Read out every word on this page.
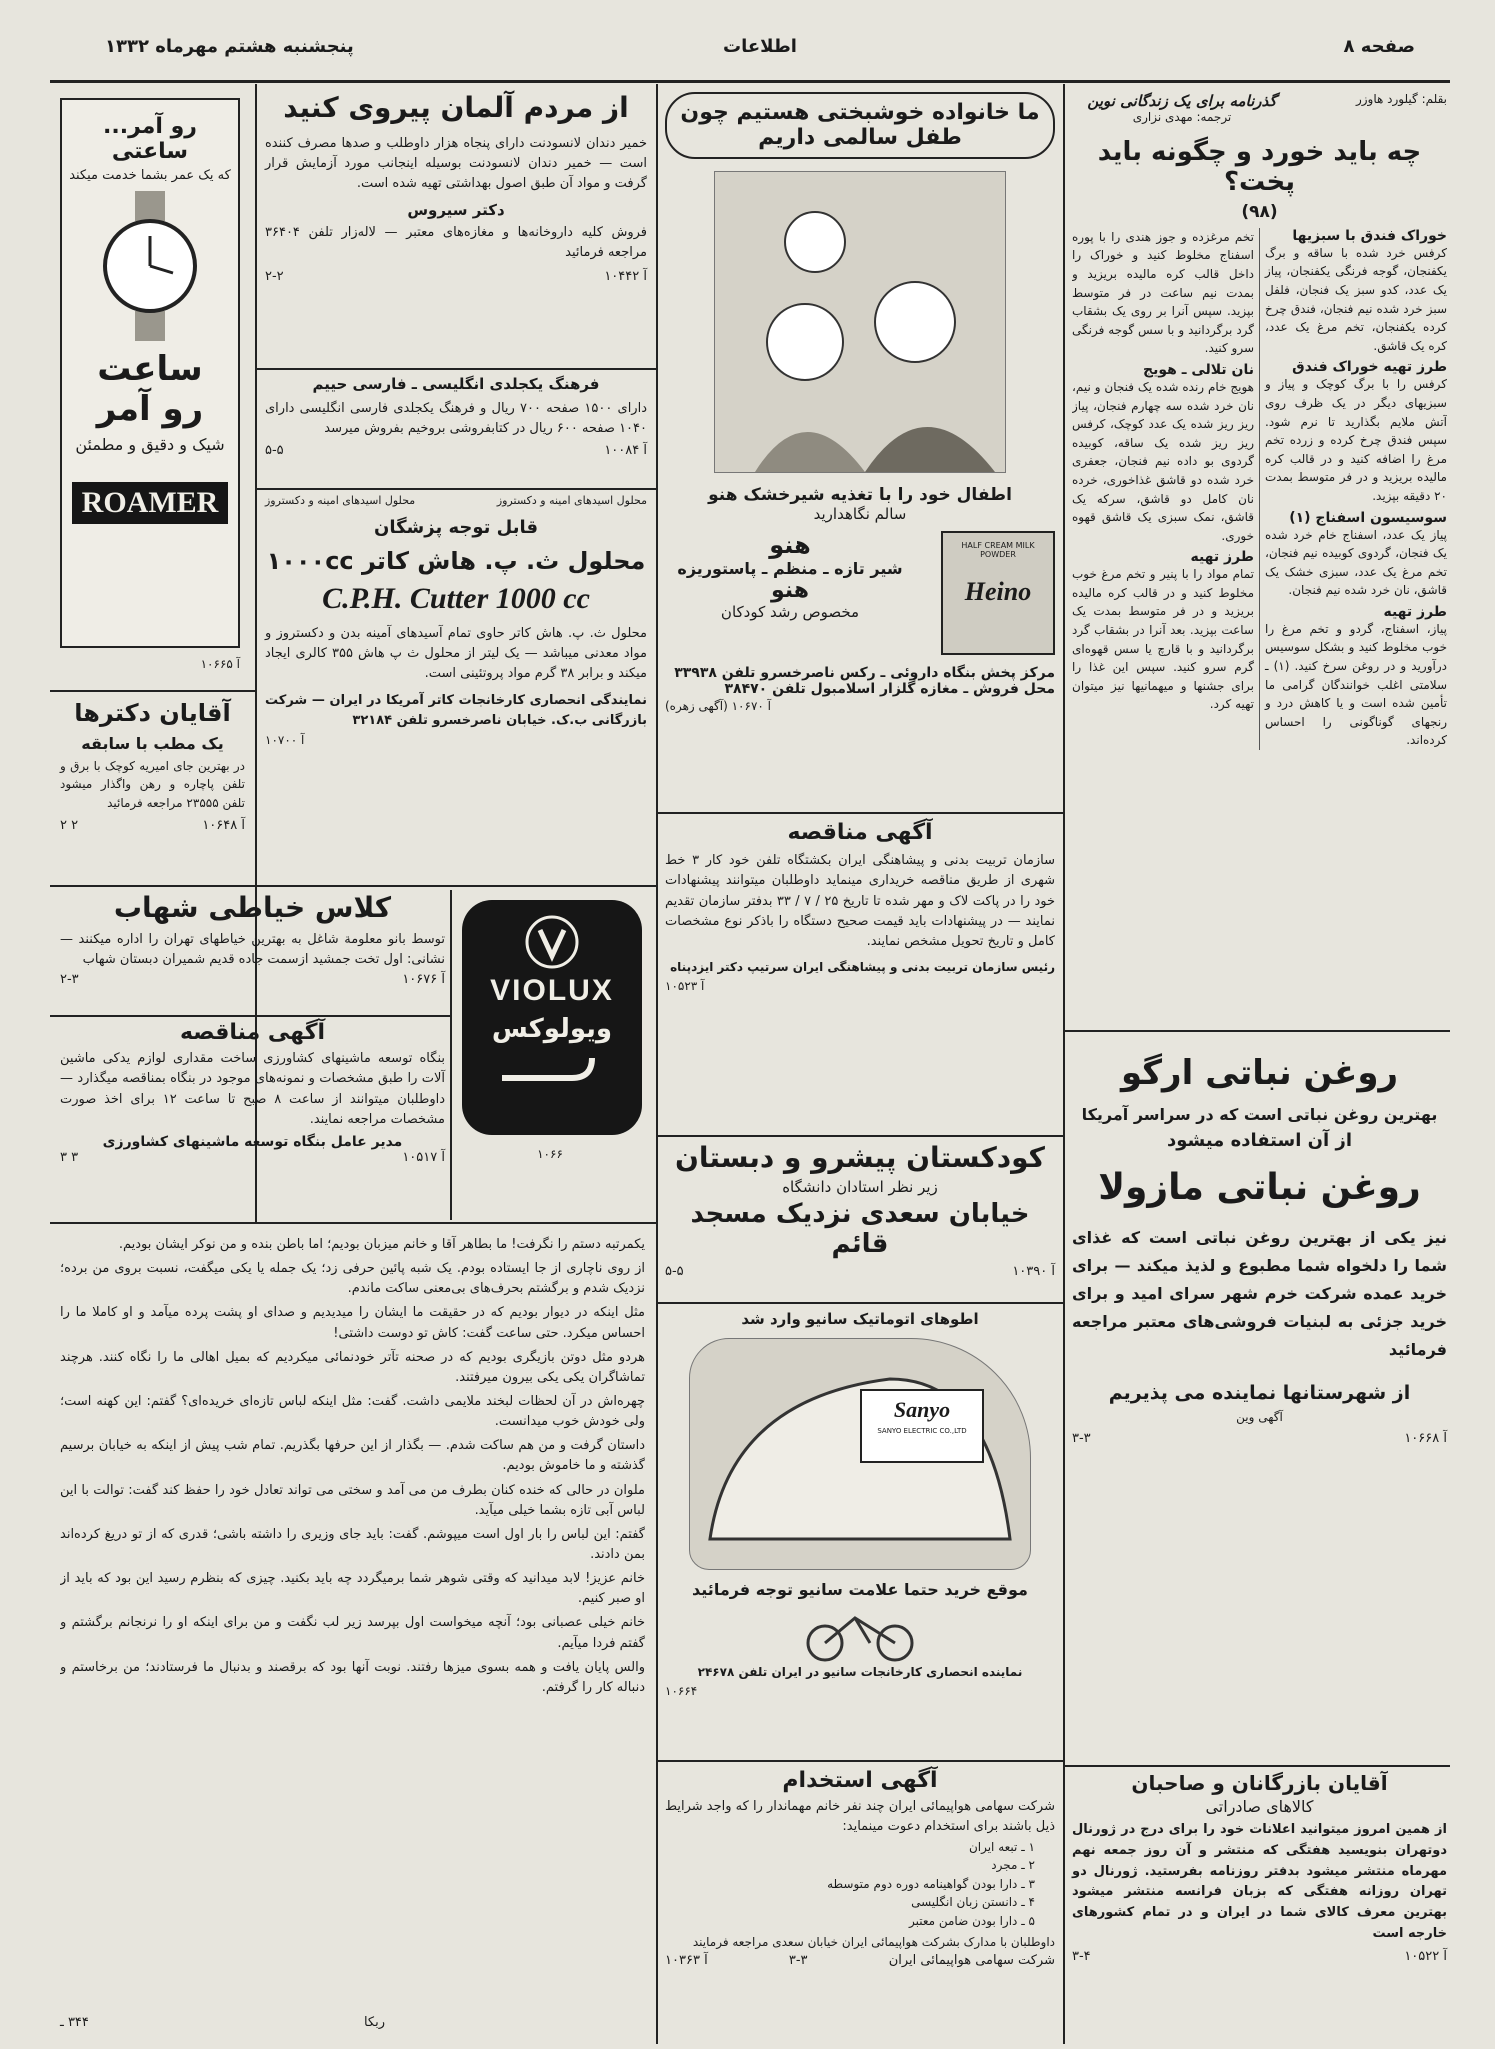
صفحه ۸
اطلاعات
پنجشنبه هشتم مهرماه ۱۳۳۲
رو آمر... ساعتی
که یک عمر بشما خدمت میکند
ساعت
رو آمر
شیک و دقیق و مطمئن
ROAMER
آ ۱۰۶۶۵
آقایان دکترها
یک مطب با سابقه
در بهترین جای امیریه کوچک با برق و تلفن پاچاره و رهن واگذار میشود تلفن ۲۳۵۵۵ مراجعه فرمائید
آ ۱۰۶۴۸
۲ ۲
از مردم آلمان پیروی کنید
خمیر دندان لانسودنت دارای پنجاه هزار داوطلب و صدها مصرف کننده است — خمیر دندان لانسودنت بوسیله اینجانب مورد آزمایش قرار گرفت و مواد آن طبق اصول بهداشتی تهیه شده است.
دکتر سیروس
فروش کلیه داروخانه‌ها و مغازه‌های معتبر — لاله‌زار تلفن ۳۶۴۰۴ مراجعه فرمائید
آ ۱۰۴۴۲
۲-۲
فرهنگ یکجلدی انگلیسی ـ فارسی حییم
دارای ۱۵۰۰ صفحه ۷۰۰ ریال و فرهنگ یکجلدی فارسی انگلیسی دارای ۱۰۴۰ صفحه ۶۰۰ ریال در کتابفروشی بروخیم بفروش میرسد
آ ۱۰۰۸۴
۵-۵
محلول اسیدهای امینه و دکستروز
محلول اسیدهای امینه و دکستروز
قابل توجه پزشگان
محلول ث. پ. هاش کاتر ۱۰۰۰cc
C.P.H. Cutter 1000 cc
محلول ث. پ. هاش کاتر حاوی تمام آسیدهای آمینه بدن و دکستروز و مواد معدنی میباشد — یک لیتر از محلول ث پ هاش ۳۵۵ کالری ایجاد میکند و برابر ۳۸ گرم مواد پروتئینی است.
نمایندگی انحصاری کارخانجات کاتر آمریکا در ایران — شرکت بازرگانی ب.ک. خیابان ناصرخسرو تلفن ۳۲۱۸۴
آ ۱۰۷۰۰
کلاس خیاطی شهاب
توسط بانو معلومة شاغل به بهترین خیاطهای تهران را اداره میکنند — نشانی: اول تخت جمشید ازسمت جاده قدیم شمیران دبستان شهاب
آ ۱۰۶۷۶
۲-۳
آگهی مناقصه
بنگاه توسعه ماشینهای کشاورزی ساخت مقداری لوازم یدکی ماشین آلات را طبق مشخصات و نمونه‌های موجود در بنگاه بمناقصه میگذارد — داوطلبان میتوانند از ساعت ۸ صبح تا ساعت ۱۲ برای اخذ صورت مشخصات مراجعه نمایند.
مدیر عامل بنگاه توسعه ماشینهای کشاورزی
آ ۱۰۵۱۷
۳ ۳
VIOLUX
ویولوکس
۱۰۶۶
ما خانواده خوشبختی هستیم چون طفل سالمی داریم
اطفال خود را با تغذیه شیرخشک هنو
سالم نگاهدارید
HALF CREAM MILK POWDER
Heino
هنو
شیر تازه ـ منظم ـ پاستوریزه
هنو
مخصوص رشد کودکان
مرکز پخش بنگاه داروئی ـ رکس ناصرخسرو تلفن ۳۳۹۳۸
محل فروش ـ مغازه گلزار اسلامبول تلفن ۳۸۴۷۰
آ ۱۰۶۷۰ (آگهی زهره)
آگهی مناقصه
سازمان تربیت بدنی و پیشاهنگی ایران بکشتگاه تلفن خود کار ۳ خط شهری از طریق مناقصه خریداری مینماید داوطلبان میتوانند پیشنهادات خود را در پاکت لاک و مهر شده تا تاریخ ۲۵ / ۷ / ۳۳ بدفتر سازمان تقدیم نمایند — در پیشنهادات باید قیمت صحیح دستگاه را باذکر نوع مشخصات کامل و تاریخ تحویل مشخص نمایند.
رئیس سازمان تربیت بدنی و پیشاهنگی ایران سرتیپ دکتر ایزدپناه
آ ۱۰۵۲۳
کودکستان پیشرو و دبستان
زیر نظر استادان دانشگاه
خیابان سعدی نزدیک مسجد قائم
آ ۱۰۳۹۰
۵-۵
اطوهای اتوماتیک سانیو وارد شد
Sanyo
SANYO ELECTRIC CO.,LTD
موقع خرید حتما علامت سانیو توجه فرمائید
نماینده انحصاری کارخانجات سانیو در ایران تلفن ۲۴۶۷۸
۱۰۶۶۴
آگهی استخدام
شرکت سهامی هواپیمائی ایران چند نفر خانم مهماندار را که واجد شرایط ذیل باشند برای استخدام دعوت مینماید:
۱ ـ تبعه ایران
۲ ـ مجرد
۳ ـ دارا بودن گواهینامه دوره دوم متوسطه
۴ ـ دانستن زبان انگلیسی
۵ ـ دارا بودن ضامن معتبر
داوطلبان با مدارک بشرکت هواپیمائی ایران خیابان سعدی مراجعه فرمایند
شرکت سهامی هواپیمائی ایران
۳-۳
آ ۱۰۳۶۳

یکمرتبه دستم را نگرفت! ما بطاهر آقا و خانم میزبان بودیم؛ اما باطن بنده و من نوکر ایشان بودیم.

از روی ناچاری از جا ایستاده بودم. یک شبه پائین حرفی زد؛ یک جمله یا یکی میگفت، نسبت بروی من برده؛ نزدیک شدم و برگشتم بحرف‌های بی‌معنی ساکت ماندم.

مثل اینکه در دیوار بودیم که در حقیقت ما ایشان را میدیدیم و صدای او پشت پرده میآمد و او کاملا ما را احساس میکرد. حتی ساعت گفت: کاش تو دوست داشتی!

هردو مثل دوتن بازیگری بودیم که در صحنه تآتر خودنمائی میکردیم که بمیل اهالی ما را نگاه کنند. هرچند تماشاگران یکی یکی بیرون میرفتند.

چهره‌اش در آن لحظات لبخند ملایمی داشت. گفت: مثل اینکه لباس تازه‌ای خریده‌ای؟ گفتم: این کهنه است؛ ولی خودش خوب میدانست.

داستان گرفت و من هم ساکت شدم. — بگذار از این حرفها بگذریم. تمام شب پیش از اینکه به خیابان برسیم گذشته و ما خاموش بودیم.

ملوان در حالی که خنده کنان بطرف من می آمد و سختی می تواند تعادل خود را حفظ کند گفت: توالت با این لباس آبی تازه بشما خیلی میآید.

گفتم: این لباس را بار اول است میپوشم. گفت: باید جای وزیری را داشته باشی؛ قدری که از تو دریغ کرده‌اند بمن دادند.

خانم عزیز! لابد میدانید که وقتی شوهر شما برمیگردد چه باید بکنید. چیزی که بنظرم رسید این بود که باید از او صبر کنیم.

خانم خیلی عصبانی بود؛ آنچه میخواست اول بپرسد زیر لب نگفت و من برای اینکه او را نرنجانم برگشتم و گفتم فردا میآیم.

والس پایان یافت و همه بسوی میزها رفتند. نوبت آنها بود که برقصند و بدنبال ما فرستادند؛ من برخاستم و دنباله کار را گرفتم.

ربکا
۳۴۴ ـ
بقلم: گیلورد هاوزر
گذرنامه برای یک زندگانی نوین
ترجمه: مهدی نزاری
چه باید خورد و چگونه باید پخت؟
(۹۸)
خوراک فندق با سبزیها
کرفس خرد شده با ساقه و برگ یکفنجان، گوجه فرنگی یکفنجان، پیاز یک عدد، کدو سبز یک فنجان، فلفل سبز خرد شده نیم فنجان، فندق چرخ کرده یکفنجان، تخم مرغ یک عدد، کره یک قاشق.
طرز تهیه خوراک فندق
کرفس را با برگ کوچک و پیاز و سبزیهای دیگر در یک ظرف روی آتش ملایم بگذارید تا نرم شود. سپس فندق چرخ کرده و زرده تخم مرغ را اضافه کنید و در قالب کره مالیده بریزید و در فر متوسط بمدت ۲۰ دقیقه بپزید.
سوسیسون اسفناج (۱)
پیاز یک عدد، اسفناج خام خرد شده یک فنجان، گردوی کوبیده نیم فنجان، تخم مرغ یک عدد، سبزی خشک یک قاشق، نان خرد شده نیم فنجان.
طرز تهیه
پیاز، اسفناج، گردو و تخم مرغ را خوب مخلوط کنید و بشکل سوسیس درآورید و در روغن سرخ کنید. (۱) ـ سلامتی اغلب خوانندگان گرامی ما تأمین شده است و یا کاهش درد و رنجهای گوناگونی را احساس کرده‌اند.
تخم مرغزده و جوز هندی را با پوره اسفناج مخلوط کنید و خوراک را داخل قالب کره مالیده بریزید و بمدت نیم ساعت در فر متوسط بپزید. سپس آنرا بر روی یک بشقاب گرد برگردانید و با سس گوجه فرنگی سرو کنید.
نان تلالی ـ هویج
هویج خام رنده شده یک فنجان و نیم، نان خرد شده سه چهارم فنجان، پیاز ریز ریز شده یک عدد کوچک، کرفس ریز ریز شده یک ساقه، کوبیده گردوی بو داده نیم فنجان، جعفری خرد شده دو قاشق غذاخوری، خرده نان کامل دو قاشق، سرکه یک قاشق، نمک سبزی یک قاشق قهوه خوری.
طرز تهیه
تمام مواد را با پنیر و تخم مرغ خوب مخلوط کنید و در قالب کره مالیده بریزید و در فر متوسط بمدت یک ساعت بپزید. بعد آنرا در بشقاب گرد برگردانید و با قارچ یا سس قهوه‌ای گرم سرو کنید. سپس این غذا را برای جشنها و میهمانیها نیز میتوان تهیه کرد.
روغن نباتی ارگو
بهترین روغن نباتی است که در سراسر آمریکا
از آن استفاده میشود
روغن نباتی مازولا
نیز یکی از بهترین روغن نباتی است که غذای شما را دلخواه شما مطبوع و لذیذ میکند — برای خرید عمده شرکت خرم شهر سرای امید و برای خرید جزئی به لبنیات فروشی‌های معتبر مراجعه فرمائید
از شهرستانها نماینده می پذیریم
آگهی وین
آ ۱۰۶۶۸
۳-۳
آقایان بازرگانان و صاحبان
کالاهای صادراتی
از همین امروز میتوانید اعلانات خود را برای درج در ژورنال دوتهران بنویسید هفتگی که منتشر و آن روز جمعه نهم مهرماه منتشر میشود بدفتر روزنامه بفرستید. ژورنال دو تهران روزانه هفتگی که بزبان فرانسه منتشر میشود بهترین معرف کالای شما در ایران و در تمام کشورهای خارجه است
آ ۱۰۵۲۲
۳-۴
